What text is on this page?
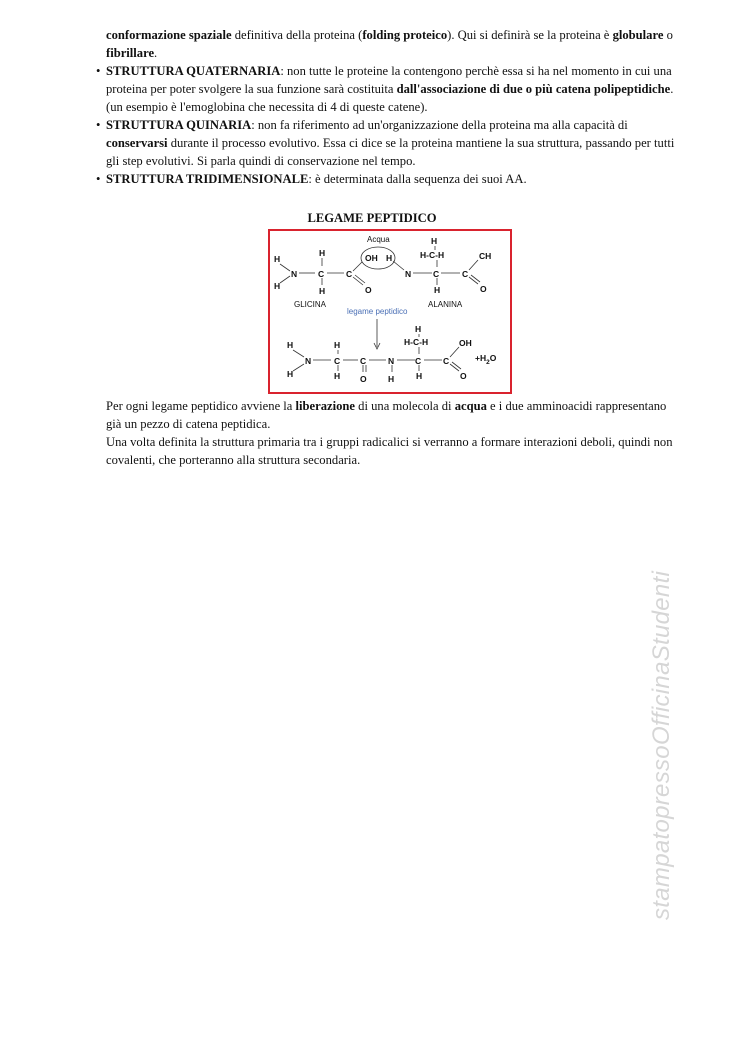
conformazione spaziale definitiva della proteina (folding proteico). Qui si definirà se la proteina è globulare o fibrillare.

• STRUTTURA QUATERNARIA: non tutte le proteine la contengono perchè essa si ha nel momento in cui una proteina per poter svolgere la sua funzione sarà costituita dall'associazione di due o più catena polipeptidiche. (un esempio è l'emoglobina che necessita di 4 di queste catene).
• STRUTTURA QUINARIA: non fa riferimento ad un'organizzazione della proteina ma alla capacità di conservarsi durante il processo evolutivo. Essa ci dice se la proteina mantiene la sua struttura, passando per tutti gli step evolutivi. Si parla quindi di conservazione nel tempo.
• STRUTTURA TRIDIMENSIONALE: è determinata dalla sequenza dei suoi AA.
LEGAME PEPTIDICO
Acqua
H
H
N
H
C
H
C
OH H
O
GLICINA
N
H
H-C-H
C
H
C
CH
O
ALANINA
legame peptidico
H
H
N
H
C
H
C
O
N
H
H
H-C-H
C
H
C
OH
O
$+H_2O$
Per ogni legame peptidico avviene la liberazione di una molecola di acqua e i due amminoacidi rappresentano già un pezzo di catena peptidica.
Una volta definita la struttura primaria tra i gruppi radicalici si verranno a formare interazioni deboli, quindi non covalenti, che porteranno alla struttura secondaria.
stampatopressoOfficinaStudenti
